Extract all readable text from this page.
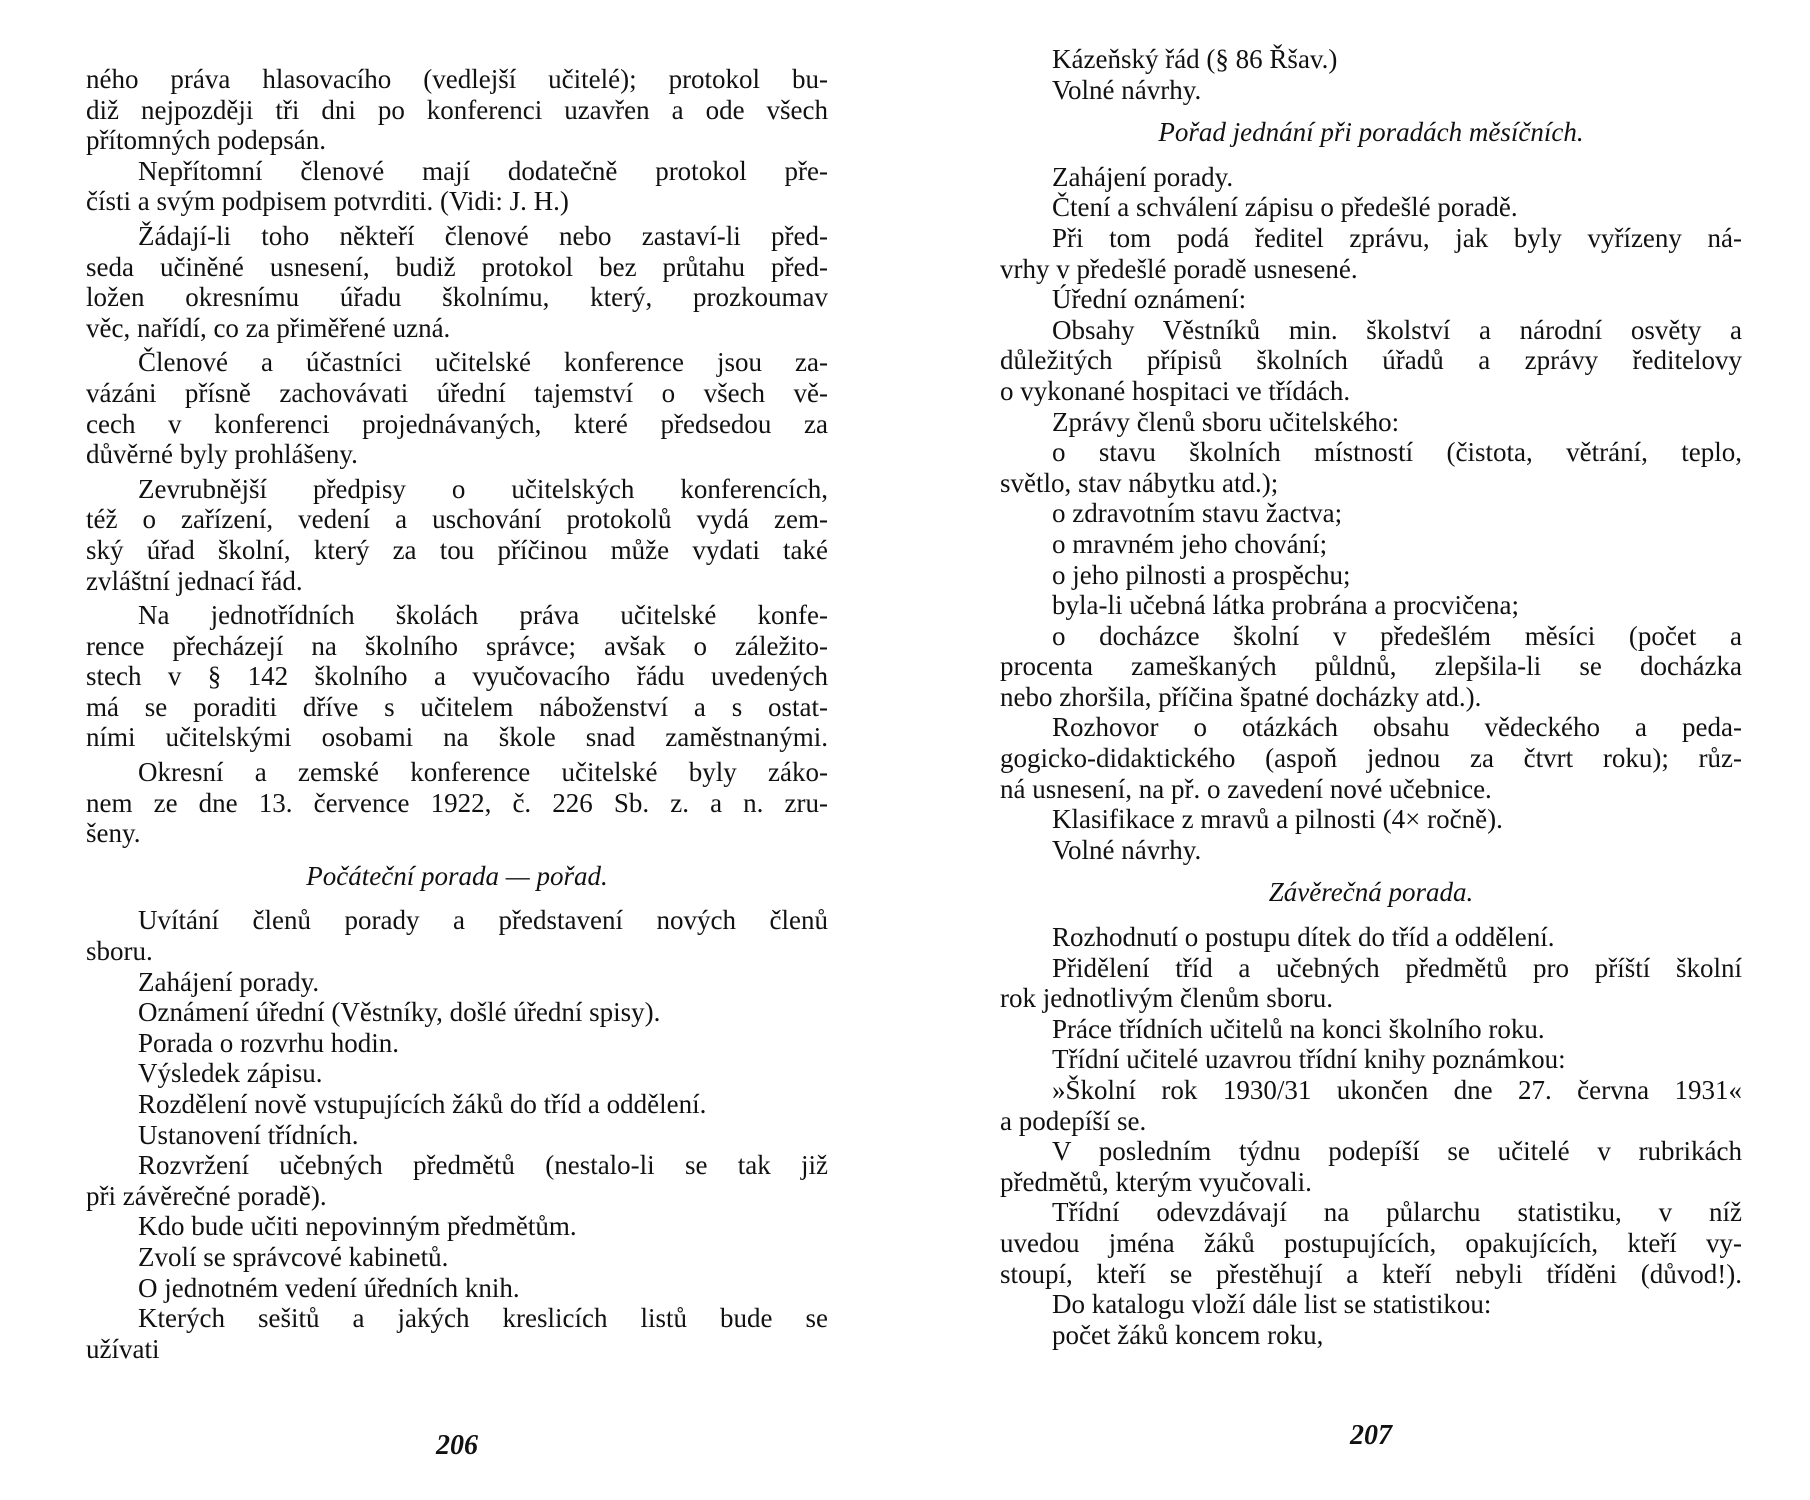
ného práva hlasovacího (vedlejší učitelé); protokol bu-
diž nejpozději tři dni po konferenci uzavřen a ode všech
přítomných podepsán.
Nepřítomní členové mají dodatečně protokol pře-
čísti a svým podpisem potvrditi. (Vidi: J. H.)
Žádají-li toho někteří členové nebo zastaví-li před-
seda učiněné usnesení, budiž protokol bez průtahu před-
ložen okresnímu úřadu školnímu, který, prozkoumav
věc, nařídí, co za přiměřené uzná.
Členové a účastníci učitelské konference jsou za-
vázáni přísně zachovávati úřední tajemství o všech vě-
cech v konferenci projednávaných, které předsedou za
důvěrné byly prohlášeny.
Zevrubnější předpisy o učitelských konferencích,
též o zařízení, vedení a uschování protokolů vydá zem-
ský úřad školní, který za tou příčinou může vydati také
zvláštní jednací řád.
Na jednotřídních školách práva učitelské konfe-
rence přecházejí na školního správce; avšak o záležito-
stech v § 142 školního a vyučovacího řádu uvedených
má se poraditi dříve s učitelem náboženství a s ostat-
ními učitelskými osobami na škole snad zaměstnanými.
Okresní a zemské konference učitelské byly záko-
nem ze dne 13. července 1922, č. 226 Sb. z. a n. zru-
šeny.
Počáteční porada — pořad.
Uvítání členů porady a představení nových členů
sboru.
Zahájení porady.
Oznámení úřední (Věstníky, došlé úřední spisy).
Porada o rozvrhu hodin.
Výsledek zápisu.
Rozdělení nově vstupujících žáků do tříd a oddělení.
Ustanovení třídních.
Rozvržení učebných předmětů (nestalo-li se tak již
při závěrečné poradě).
Kdo bude učiti nepovinným předmětům.
Zvolí se správcové kabinetů.
O jednotném vedení úředních knih.
Kterých sešitů a jakých kreslicích listů bude se
užívati
206
Kázeňský řád (§ 86 Řšav.)
Volné návrhy.
Pořad jednání při poradách měsíčních.
Zahájení porady.
Čtení a schválení zápisu o předešlé poradě.
Při tom podá ředitel zprávu, jak byly vyřízeny ná-
vrhy v předešlé poradě usnesené.
Úřední oznámení:
Obsahy Věstníků min. školství a národní osvěty a
důležitých přípisů školních úřadů a zprávy ředitelovy
o vykonané hospitaci ve třídách.
Zprávy členů sboru učitelského:
o stavu školních místností (čistota, větrání, teplo,
světlo, stav nábytku atd.);
o zdravotním stavu žactva;
o mravném jeho chování;
o jeho pilnosti a prospěchu;
byla-li učebná látka probrána a procvičena;
o docházce školní v předešlém měsíci (počet a
procenta zameškaných půldnů, zlepšila-li se docházka
nebo zhoršila, příčina špatné docházky atd.).
Rozhovor o otázkách obsahu vědeckého a peda-
gogicko-didaktického (aspoň jednou za čtvrt roku); růz-
ná usnesení, na př. o zavedení nové učebnice.
Klasifikace z mravů a pilnosti (4× ročně).
Volné návrhy.
Závěrečná porada.
Rozhodnutí o postupu dítek do tříd a oddělení.
Přidělení tříd a učebných předmětů pro příští školní
rok jednotlivým členům sboru.
Práce třídních učitelů na konci školního roku.
Třídní učitelé uzavrou třídní knihy poznámkou:
»Školní rok 1930/31 ukončen dne 27. června 1931«
a podepíší se.
V posledním týdnu podepíší se učitelé v rubrikách
předmětů, kterým vyučovali.
Třídní odevzdávají na půlarchu statistiku, v níž
uvedou jména žáků postupujících, opakujících, kteří vy-
stoupí, kteří se přestěhují a kteří nebyli tříděni (důvod!).
Do katalogu vloží dále list se statistikou:
počet žáků koncem roku,
207
